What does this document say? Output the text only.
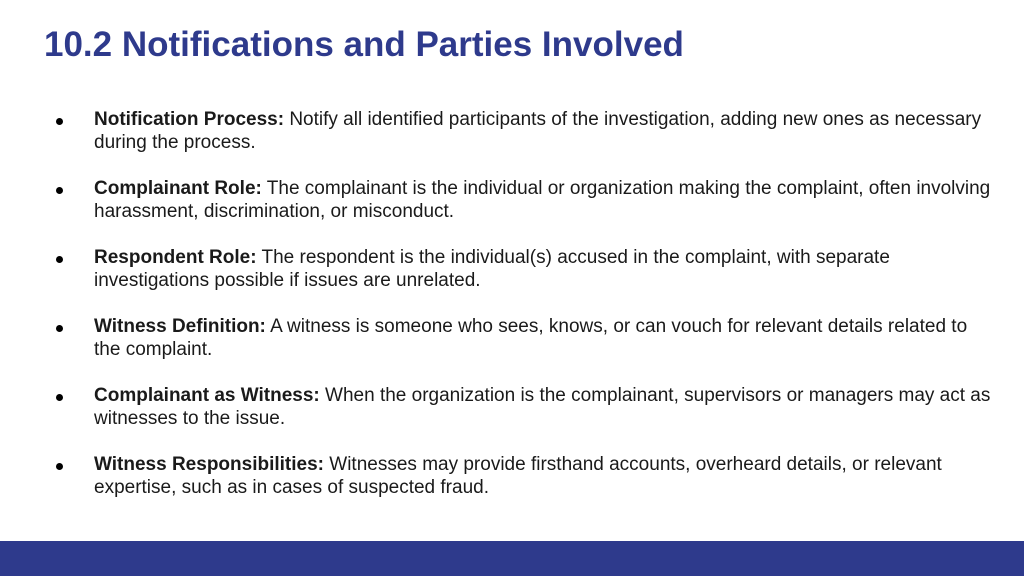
10.2 Notifications and Parties Involved
Notification Process: Notify all identified participants of the investigation, adding new ones as necessary during the process.
Complainant Role: The complainant is the individual or organization making the complaint, often involving harassment, discrimination, or misconduct.
Respondent Role: The respondent is the individual(s) accused in the complaint, with separate investigations possible if issues are unrelated.
Witness Definition: A witness is someone who sees, knows, or can vouch for relevant details related to the complaint.
Complainant as Witness: When the organization is the complainant, supervisors or managers may act as witnesses to the issue.
Witness Responsibilities: Witnesses may provide firsthand accounts, overheard details, or relevant expertise, such as in cases of suspected fraud.
